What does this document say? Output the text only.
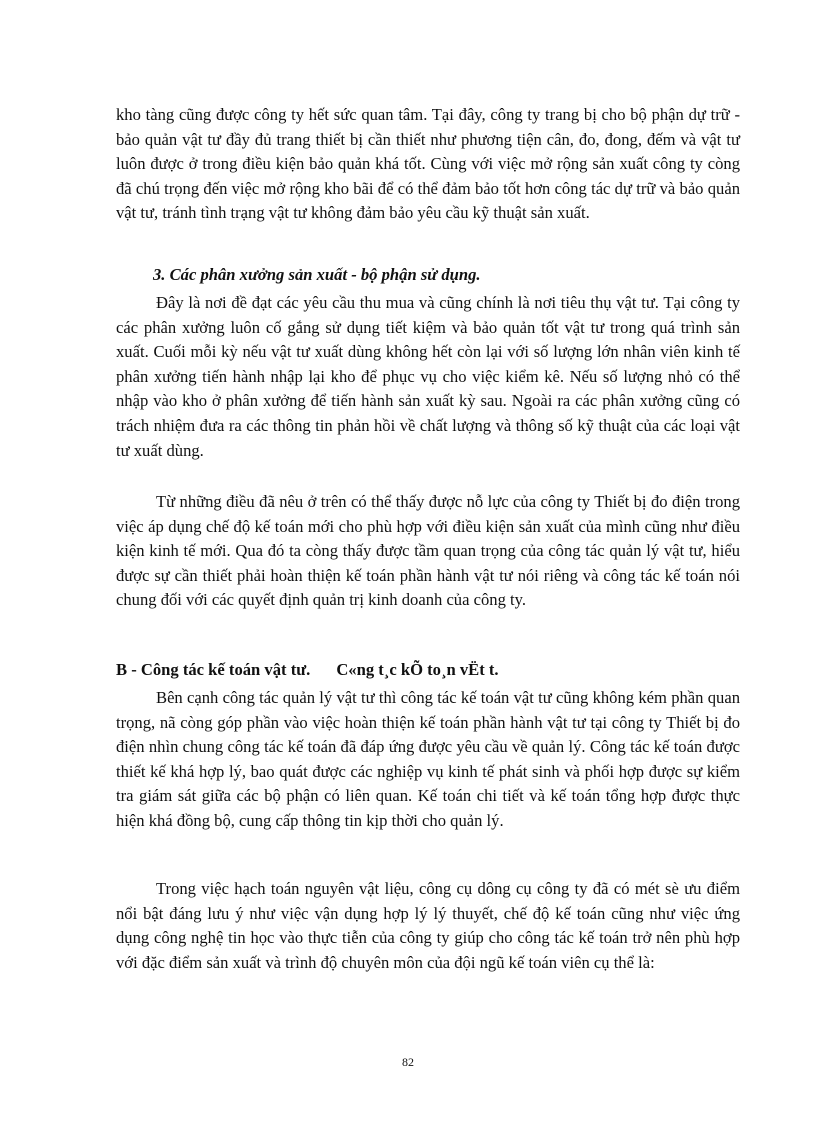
kho tàng cũng được công ty hết sức quan tâm. Tại đây, công ty trang bị cho bộ phận dự trữ - bảo quản vật tư đầy đủ trang thiết bị cần thiết như phương tiện cân, đo, đong, đếm và vật tư luôn được ở trong điều kiện bảo quản khá tốt. Cùng với việc mở rộng sản xuất công ty còng đã chú trọng đến việc mở rộng kho bãi để có thể đảm bảo tốt hơn công tác dự trữ và bảo quản vật tư, tránh tình trạng vật tư không đảm bảo yêu cầu kỹ thuật sản xuất.

3. Các phân xưởng sản xuất - bộ phận sử dụng.

Đây là nơi đề đạt các yêu cầu thu mua và cũng chính là nơi tiêu thụ vật tư. Tại công ty các phân xưởng luôn cố gắng sử dụng tiết kiệm và bảo quản tốt vật tư trong quá trình sản xuất. Cuối mỗi kỳ nếu vật tư xuất dùng không hết còn lại với số lượng lớn nhân viên kinh tế phân xưởng tiến hành nhập lại kho để phục vụ cho việc kiểm kê. Nếu số lượng nhỏ có thể nhập vào kho ở phân xưởng để tiến hành sản xuất kỳ sau. Ngoài ra các phân xưởng cũng có trách nhiệm đưa ra các thông tin phản hồi về chất lượng và thông số kỹ thuật của các loại vật tư xuất dùng.

Từ những điều đã nêu ở trên có thể thấy được nỗ lực của công ty Thiết bị đo điện trong việc áp dụng chế độ kế toán mới cho phù hợp với điều kiện sản xuất của mình cũng như điều kiện kinh tế mới. Qua đó ta còng thấy được tầm quan trọng của công tác quản lý vật tư, hiểu được sự cần thiết phải hoàn thiện kế toán phần hành vật tư nói riêng và công tác kế toán nói chung đối với các quyết định quản trị kinh doanh của công ty.

B - Công tác kế toán vật tư. C«ng t¸c kÕ to¸n vËt t.

Bên cạnh công tác quản lý vật tư thì công tác kế toán vật tư cũng không kém phần quan trọng, nã còng góp phần vào việc hoàn thiện kế toán phần hành vật tư tại công ty Thiết bị đo điện nhìn chung công tác kế toán đã đáp ứng được yêu cầu về quản lý. Công tác kế toán được thiết kế khá hợp lý, bao quát được các nghiệp vụ kinh tế phát sinh và phối hợp được sự kiểm tra giám sát giữa các bộ phận có liên quan. Kế toán chi tiết và kế toán tổng hợp được thực hiện khá đồng bộ, cung cấp thông tin kịp thời cho quản lý.

Trong việc hạch toán nguyên vật liệu, công cụ dông cụ công ty đã có mét sè ưu điểm nổi bật đáng lưu ý như việc vận dụng hợp lý lý thuyết, chế độ kế toán cũng như việc ứng dụng công nghệ tin học vào thực tiễn của công ty giúp cho công tác kế toán trở nên phù hợp với đặc điểm sản xuất và trình độ chuyên môn của đội ngũ kế toán viên cụ thể là:

82
